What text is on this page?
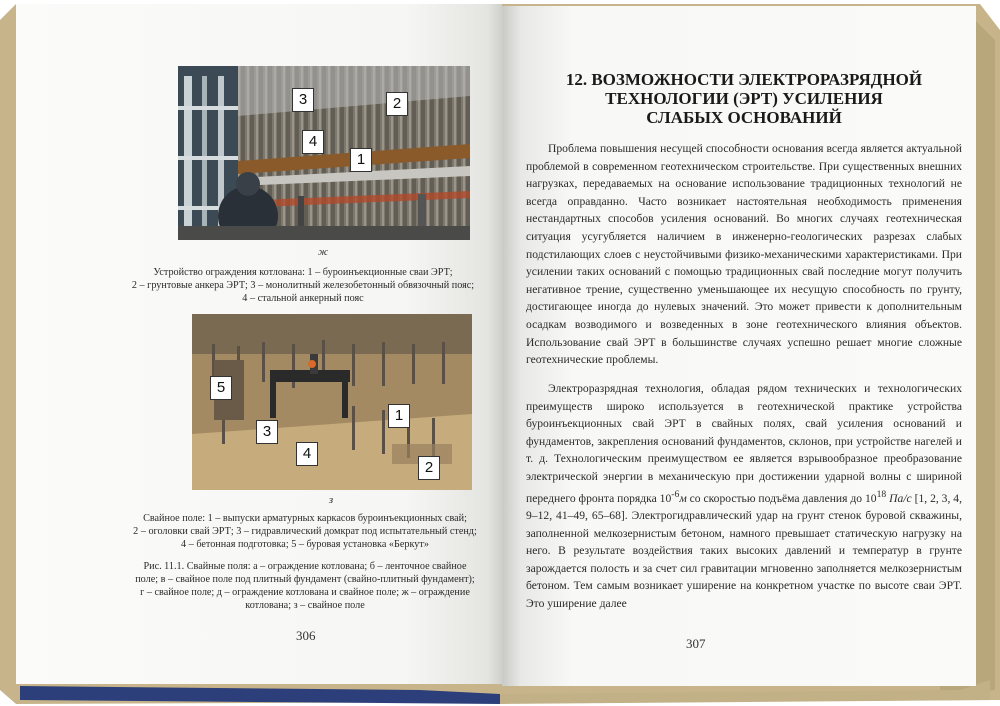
1
2
3
4
ж
Устройство ограждения котлована: 1 – буроинъекционные сваи ЭРТ;
2 – грунтовые анкера ЭРТ; 3 – монолитный железобетонный обвязочный пояс;
4 – стальной анкерный пояс
1
2
3
4
5
з
Свайное поле: 1 – выпуски арматурных каркасов буроинъекционных свай;
2 – оголовки свай ЭРТ; 3 – гидравлический домкрат под испытательный стенд;
4 – бетонная подготовка; 5 – буровая установка «Беркут»
Рис. 11.1. Свайные поля: а – ограждение котлована; б – ленточное свайное
поле; в – свайное поле под плитный фундамент (свайно-плитный фундамент);
г – свайное поле; д – ограждение котлована и свайное поле; ж – ограждение
котлована; з – свайное поле
306
12. ВОЗМОЖНОСТИ ЭЛЕКТРОРАЗРЯДНОЙ
ТЕХНОЛОГИИ (ЭРТ) УСИЛЕНИЯ
СЛАБЫХ ОСНОВАНИЙ

Проблема повышения несущей способности основания всегда является актуальной проблемой в современном геотехническом строительстве. При существенных внешних нагрузках, передаваемых на основание использование традиционных технологий не всегда оправданно. Часто возникает настоятельная необходимость применения нестандартных способов усиления оснований. Во многих случаях геотехническая ситуация усугубляется наличием в инженерно-геологических разрезах слабых подстилающих слоев с неустойчивыми физико-механическими характеристиками. При усилении таких оснований с помощью традиционных свай последние могут получить негативное трение, существенно уменьшающее их несущую способность по грунту, достигающее иногда до нулевых значений. Это может привести к дополнительным осадкам возводимого и возведенных в зоне геотехнического влияния объектов. Использование свай ЭРТ в большинстве случаях успешно решает многие сложные геотехнические проблемы.

Электроразрядная технология, обладая рядом технических и технологических преимуществ широко используется в геотехнической практике устройства буроинъекционных свай ЭРТ в свайных полях, свай усиления оснований и фундаментов, закрепления оснований фундаментов, склонов, при устройстве нагелей и т. д. Технологическим преимуществом ее является взрывообразное преобразование электрической энергии в механическую при достижении ударной волны с шириной переднего фронта порядка $10^{-6}м$ со скоростью подъёма давления до $10^{18}$ Па/с [1, 2, 3, 4, 9–12, 41–49, 65–68]. Электрогидравлический удар на грунт стенок буровой скважины, заполненной мелкозернистым бетоном, намного превышает статическую нагрузку на него. В результате воздействия таких высоких давлений и температур в грунте зарождается полость и за счет сил гравитации мгновенно заполняется мелкозернистым бетоном. Тем самым возникает уширение на конкретном участке по высоте сваи ЭРТ. Это уширение далее

307
